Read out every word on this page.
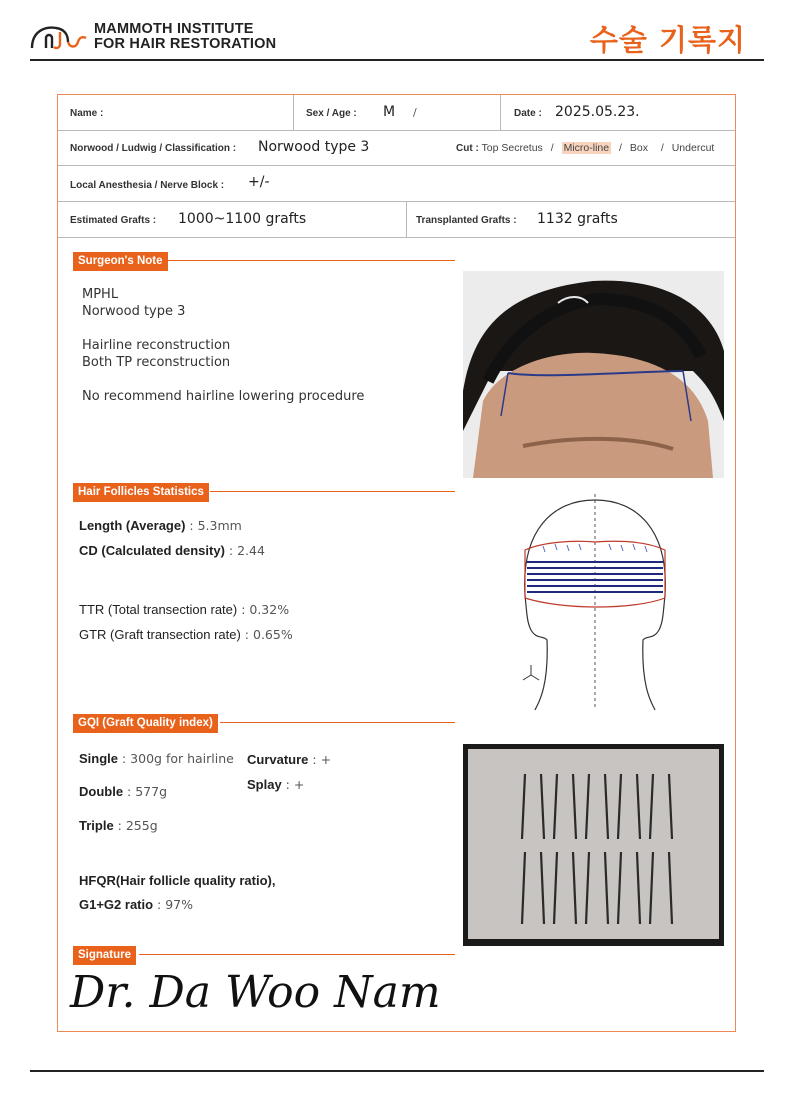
MAMMOTH INSTITUTE
FOR HAIR RESTORATION	수술 기록지
Name :	Sex / Age : M /	Date : 2025.05.23.
Norwood / Ludwig / Classification : Norwood type 3	Cut : Top Secretus / Micro-line / Box / Undercut
Local Anesthesia / Nerve Block : +/-
Estimated Grafts : 1000~1100 grafts	Transplanted Grafts : 1132 grafts
Surgeon's Note
MPHL
Norwood type 3

Hairline reconstruction
Both TP reconstruction

No recommend hairline lowering procedure
Hair Follicles Statistics
Length (Average) : 5.3mm
CD (Calculated density) : 2.44
TTR (Total transection rate) : 0.32%
GTR (Graft transection rate) : 0.65%
GQI (Graft Quality index)
Single : 300g for hairline
Double : 577g
Triple : 255g
Curvature : +
Splay : +
HFQR(Hair follicle quality ratio),
G1+G2 ratio : 97%
Signature
Dr. Da Woo Nam
